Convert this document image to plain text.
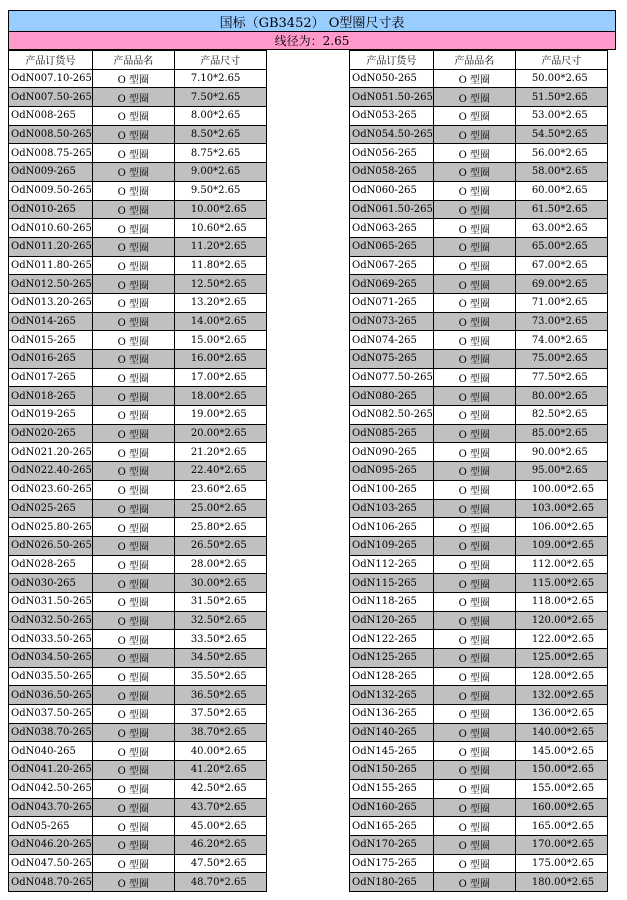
国标（GB3452） O型圈尺寸表
线径为：2.65
产品订货号	产品品名	产品尺寸
OdN007.10-265	O 型圈	7.10*2.65
OdN007.50-265	O 型圈	7.50*2.65
OdN008-265	O 型圈	8.00*2.65
OdN008.50-265	O 型圈	8.50*2.65
OdN008.75-265	O 型圈	8.75*2.65
OdN009-265	O 型圈	9.00*2.65
OdN009.50-265	O 型圈	9.50*2.65
OdN010-265	O 型圈	10.00*2.65
OdN010.60-265	O 型圈	10.60*2.65
OdN011.20-265	O 型圈	11.20*2.65
OdN011.80-265	O 型圈	11.80*2.65
OdN012.50-265	O 型圈	12.50*2.65
OdN013.20-265	O 型圈	13.20*2.65
OdN014-265	O 型圈	14.00*2.65
OdN015-265	O 型圈	15.00*2.65
OdN016-265	O 型圈	16.00*2.65
OdN017-265	O 型圈	17.00*2.65
OdN018-265	O 型圈	18.00*2.65
OdN019-265	O 型圈	19.00*2.65
OdN020-265	O 型圈	20.00*2.65
OdN021.20-265	O 型圈	21.20*2.65
OdN022.40-265	O 型圈	22.40*2.65
OdN023.60-265	O 型圈	23.60*2.65
OdN025-265	O 型圈	25.00*2.65
OdN025.80-265	O 型圈	25.80*2.65
OdN026.50-265	O 型圈	26.50*2.65
OdN028-265	O 型圈	28.00*2.65
OdN030-265	O 型圈	30.00*2.65
OdN031.50-265	O 型圈	31.50*2.65
OdN032.50-265	O 型圈	32.50*2.65
OdN033.50-265	O 型圈	33.50*2.65
OdN034.50-265	O 型圈	34.50*2.65
OdN035.50-265	O 型圈	35.50*2.65
OdN036.50-265	O 型圈	36.50*2.65
OdN037.50-265	O 型圈	37.50*2.65
OdN038.70-265	O 型圈	38.70*2.65
OdN040-265	O 型圈	40.00*2.65
OdN041.20-265	O 型圈	41.20*2.65
OdN042.50-265	O 型圈	42.50*2.65
OdN043.70-265	O 型圈	43.70*2.65
OdN05-265	O 型圈	45.00*2.65
OdN046.20-265	O 型圈	46.20*2.65
OdN047.50-265	O 型圈	47.50*2.65
OdN048.70-265	O 型圈	48.70*2.65
产品订货号	产品品名	产品尺寸
OdN050-265	O 型圈	50.00*2.65
OdN051.50-265	O 型圈	51.50*2.65
OdN053-265	O 型圈	53.00*2.65
OdN054.50-265	O 型圈	54.50*2.65
OdN056-265	O 型圈	56.00*2.65
OdN058-265	O 型圈	58.00*2.65
OdN060-265	O 型圈	60.00*2.65
OdN061.50-265	O 型圈	61.50*2.65
OdN063-265	O 型圈	63.00*2.65
OdN065-265	O 型圈	65.00*2.65
OdN067-265	O 型圈	67.00*2.65
OdN069-265	O 型圈	69.00*2.65
OdN071-265	O 型圈	71.00*2.65
OdN073-265	O 型圈	73.00*2.65
OdN074-265	O 型圈	74.00*2.65
OdN075-265	O 型圈	75.00*2.65
OdN077.50-265	O 型圈	77.50*2.65
OdN080-265	O 型圈	80.00*2.65
OdN082.50-265	O 型圈	82.50*2.65
OdN085-265	O 型圈	85.00*2.65
OdN090-265	O 型圈	90.00*2.65
OdN095-265	O 型圈	95.00*2.65
OdN100-265	O 型圈	100.00*2.65
OdN103-265	O 型圈	103.00*2.65
OdN106-265	O 型圈	106.00*2.65
OdN109-265	O 型圈	109.00*2.65
OdN112-265	O 型圈	112.00*2.65
OdN115-265	O 型圈	115.00*2.65
OdN118-265	O 型圈	118.00*2.65
OdN120-265	O 型圈	120.00*2.65
OdN122-265	O 型圈	122.00*2.65
OdN125-265	O 型圈	125.00*2.65
OdN128-265	O 型圈	128.00*2.65
OdN132-265	O 型圈	132.00*2.65
OdN136-265	O 型圈	136.00*2.65
OdN140-265	O 型圈	140.00*2.65
OdN145-265	O 型圈	145.00*2.65
OdN150-265	O 型圈	150.00*2.65
OdN155-265	O 型圈	155.00*2.65
OdN160-265	O 型圈	160.00*2.65
OdN165-265	O 型圈	165.00*2.65
OdN170-265	O 型圈	170.00*2.65
OdN175-265	O 型圈	175.00*2.65
OdN180-265	O 型圈	180.00*2.65
